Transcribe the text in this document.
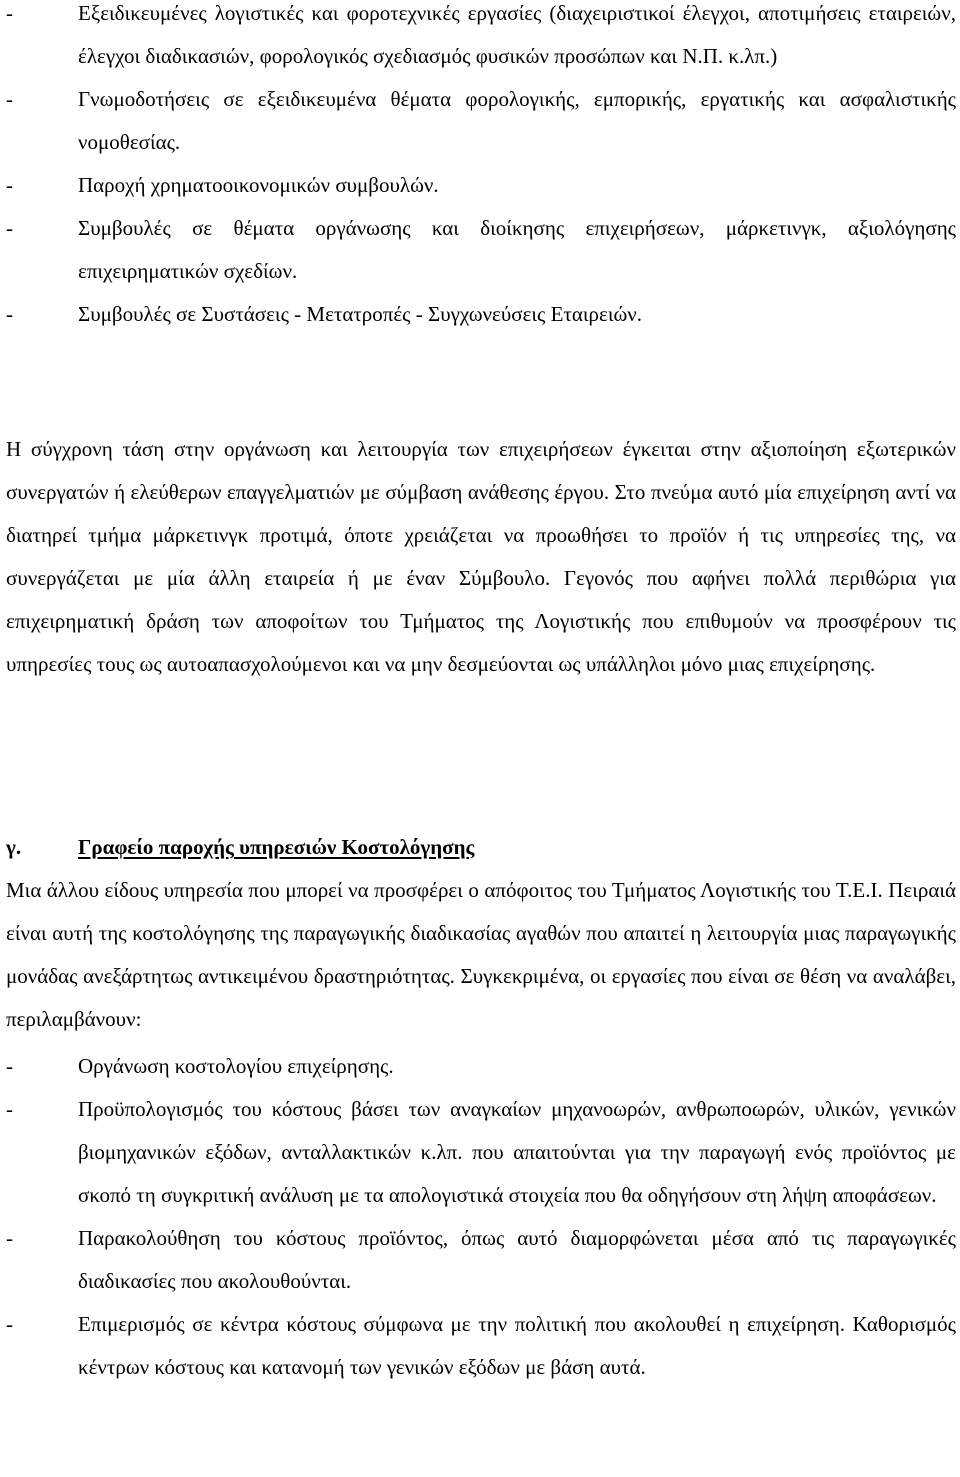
-	Εξειδικευμένες λογιστικές και φοροτεχνικές εργασίες (διαχειριστικοί έλεγχοι, αποτιμήσεις εταιρειών, έλεγχοι διαδικασιών, φορολογικός σχεδιασμός φυσικών προσώπων και Ν.Π. κ.λπ.)
-	Γνωμοδοτήσεις σε εξειδικευμένα θέματα φορολογικής, εμπορικής, εργατικής και ασφαλιστικής νομοθεσίας.
-	Παροχή χρηματοοικονομικών συμβουλών.
-	Συμβουλές σε θέματα οργάνωσης και διοίκησης επιχειρήσεων, μάρκετινγκ, αξιολόγησης επιχειρηματικών σχεδίων.
-	Συμβουλές σε Συστάσεις - Μετατροπές - Συγχωνεύσεις Εταιρειών.

Η σύγχρονη τάση στην οργάνωση και λειτουργία των επιχειρήσεων έγκειται στην αξιοποίηση εξωτερικών συνεργατών ή ελεύθερων επαγγελματιών με σύμβαση ανάθεσης έργου. Στο πνεύμα αυτό μία επιχείρηση αντί να διατηρεί τμήμα μάρκετινγκ προτιμά, όποτε χρειάζεται να προωθήσει το προϊόν ή τις υπηρεσίες της, να συνεργάζεται με μία άλλη εταιρεία ή με έναν Σύμβουλο. Γεγονός που αφήνει πολλά περιθώρια για επιχειρηματική δράση των αποφοίτων του Τμήματος της Λογιστικής που επιθυμούν να προσφέρουν τις υπηρεσίες τους ως αυτοαπασχολούμενοι και να μην δεσμεύονται ως υπάλληλοι μόνο μιας επιχείρησης.

γ.	Γραφείο παροχής υπηρεσιών Κοστολόγησης

Μια άλλου είδους υπηρεσία που μπορεί να προσφέρει ο απόφοιτος του Τμήματος Λογιστικής του Τ.Ε.Ι. Πειραιά είναι αυτή της κοστολόγησης της παραγωγικής διαδικασίας αγαθών που απαιτεί η λειτουργία μιας παραγωγικής μονάδας ανεξάρτητως αντικειμένου δραστηριότητας. Συγκεκριμένα, οι εργασίες που είναι σε θέση να αναλάβει, περιλαμβάνουν:

-	Οργάνωση κοστολογίου επιχείρησης.
-	Προϋπολογισμός του κόστους βάσει των αναγκαίων μηχανοωρών, ανθρωποωρών, υλικών, γενικών βιομηχανικών εξόδων, ανταλλακτικών κ.λπ. που απαιτούνται για την παραγωγή ενός προϊόντος με σκοπό τη συγκριτική ανάλυση με τα απολογιστικά στοιχεία που θα οδηγήσουν στη λήψη αποφάσεων.
-	Παρακολούθηση του κόστους προϊόντος, όπως αυτό διαμορφώνεται μέσα από τις παραγωγικές διαδικασίες που ακολουθούνται.
-	Επιμερισμός σε κέντρα κόστους σύμφωνα με την πολιτική που ακολουθεί η επιχείρηση. Καθορισμός κέντρων κόστους και κατανομή των γενικών εξόδων με βάση αυτά.
